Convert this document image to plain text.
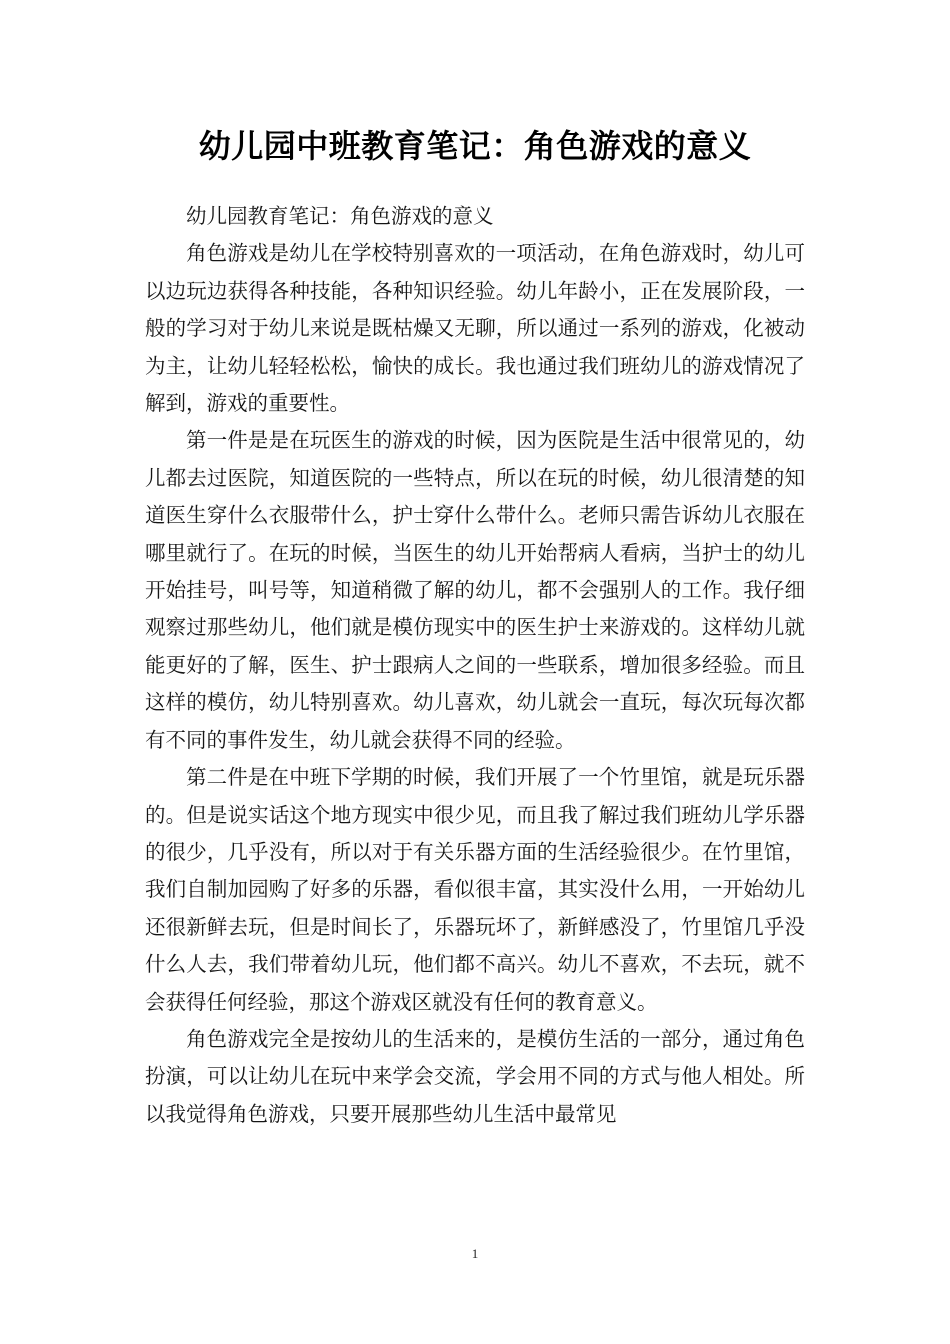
幼儿园中班教育笔记：角色游戏的意义

幼儿园教育笔记：角色游戏的意义

角色游戏是幼儿在学校特别喜欢的一项活动，在角色游戏时，幼儿可以边玩边获得各种技能，各种知识经验。幼儿年龄小，正在发展阶段，一般的学习对于幼儿来说是既枯燥又无聊，所以通过一系列的游戏，化被动为主，让幼儿轻轻松松，愉快的成长。我也通过我们班幼儿的游戏情况了解到，游戏的重要性。

第一件是是在玩医生的游戏的时候，因为医院是生活中很常见的，幼儿都去过医院，知道医院的一些特点，所以在玩的时候，幼儿很清楚的知道医生穿什么衣服带什么，护士穿什么带什么。老师只需告诉幼儿衣服在哪里就行了。在玩的时候，当医生的幼儿开始帮病人看病，当护士的幼儿开始挂号，叫号等，知道稍微了解的幼儿，都不会强别人的工作。我仔细观察过那些幼儿，他们就是模仿现实中的医生护士来游戏的。这样幼儿就能更好的了解，医生、护士跟病人之间的一些联系，增加很多经验。而且这样的模仿，幼儿特别喜欢。幼儿喜欢，幼儿就会一直玩，每次玩每次都有不同的事件发生，幼儿就会获得不同的经验。

第二件是在中班下学期的时候，我们开展了一个竹里馆，就是玩乐器的。但是说实话这个地方现实中很少见，而且我了解过我们班幼儿学乐器的很少，几乎没有，所以对于有关乐器方面的生活经验很少。在竹里馆，我们自制加园购了好多的乐器，看似很丰富，其实没什么用，一开始幼儿还很新鲜去玩，但是时间长了，乐器玩坏了，新鲜感没了，竹里馆几乎没什么人去，我们带着幼儿玩，他们都不高兴。幼儿不喜欢，不去玩，就不会获得任何经验，那这个游戏区就没有任何的教育意义。

角色游戏完全是按幼儿的生活来的，是模仿生活的一部分，通过角色扮演，可以让幼儿在玩中来学会交流，学会用不同的方式与他人相处。所以我觉得角色游戏，只要开展那些幼儿生活中最常见

1
